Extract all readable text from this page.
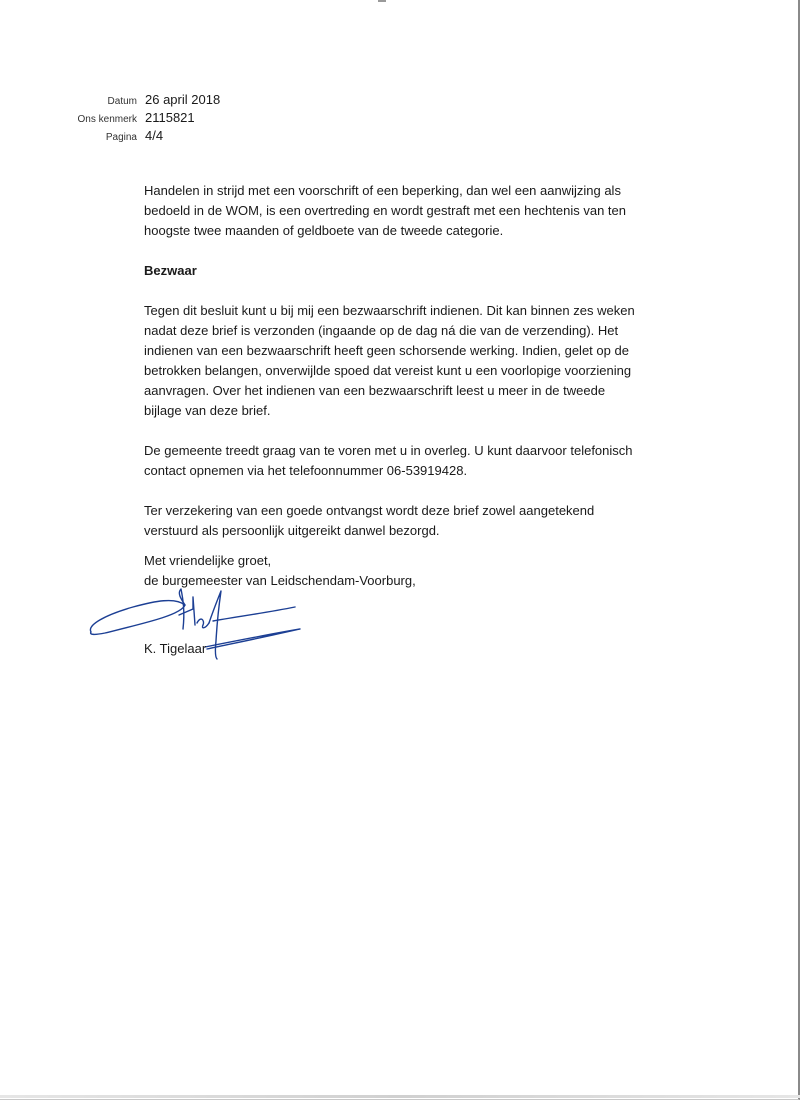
Datum 26 april 2018
Ons kenmerk 2115821
Pagina 4/4

Handelen in strijd met een voorschrift of een beperking, dan wel een aanwijzing als
bedoeld in de WOM, is een overtreding en wordt gestraft met een hechtenis van ten
hoogste twee maanden of geldboete van de tweede categorie.

Bezwaar

Tegen dit besluit kunt u bij mij een bezwaarschrift indienen. Dit kan binnen zes weken
nadat deze brief is verzonden (ingaande op de dag ná die van de verzending). Het
indienen van een bezwaarschrift heeft geen schorsende werking. Indien, gelet op de
betrokken belangen, onverwijlde spoed dat vereist kunt u een voorlopige voorziening
aanvragen. Over het indienen van een bezwaarschrift leest u meer in de tweede
bijlage van deze brief.

De gemeente treedt graag van te voren met u in overleg. U kunt daarvoor telefonisch
contact opnemen via het telefoonnummer 06-53919428.

Ter verzekering van een goede ontvangst wordt deze brief zowel aangetekend
verstuurd als persoonlijk uitgereikt danwel bezorgd.

Met vriendelijke groet,
de burgemeester van Leidschendam-Voorburg,
K. Tigelaar
